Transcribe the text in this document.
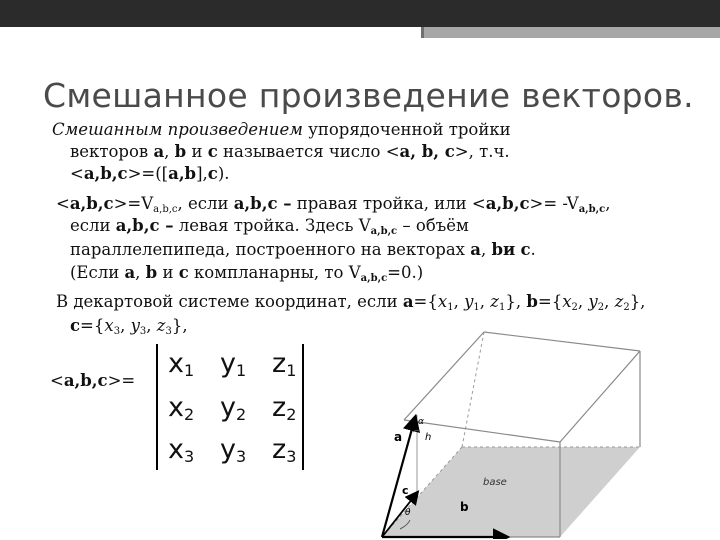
Смешанное произведение векторов.
Смешанным произведением упорядоченной тройки
векторов a, b и c называется число <a, b, c>, т.ч.
<a,b,c>=([a,b],c).
$<a,b,c>=V_{a,b,c}$, если a,b,c – правая тройка, или $<a,b,c>= -V_{a,b,c}$,
если a,b,c – левая тройка. Здесь $V_{a,b,c}$ – объём
параллелепипеда, построенного на векторах a, bи c.
(Если a, b и c компланарны, то $V_{a,b,c}=0$.)
В декартовой системе координат, если $a=\{x_1$, $y_1$, $z_1$}, $b=\{x_2$, $y_2$, $z_2$},
$c=\{x_3$, $y_3$, $z_3$},
<a,b,c>=
x1 y1 z1
x2 y2 z2
x3 y3 z3
a h
α
c
θ
base
b
